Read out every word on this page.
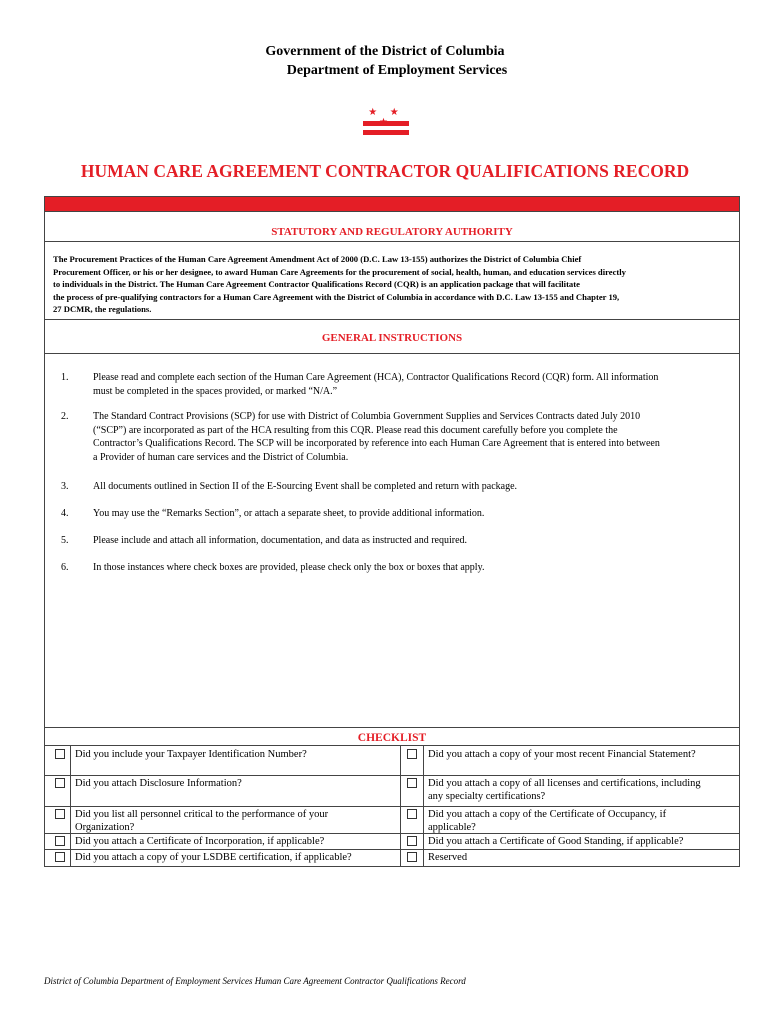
Government of the District of Columbia
Department of Employment Services
★ ★
HUMAN CARE AGREEMENT CONTRACTOR QUALIFICATIONS RECORD
STATUTORY AND REGULATORY AUTHORITY
The Procurement Practices of the Human Care Agreement Amendment Act of 2000 (D.C. Law 13-155) authorizes the District of Columbia Chief
Procurement Officer, or his or her designee, to award Human Care Agreements for the procurement of social, health, human, and education services directly
to individuals in the District. The Human Care Agreement Contractor Qualifications Record (CQR) is an application package that will facilitate
the process of pre-qualifying contractors for a Human Care Agreement with the District of Columbia in accordance with D.C. Law 13-155 and Chapter 19,
27 DCMR, the regulations.
GENERAL INSTRUCTIONS
1. Please read and complete each section of the Human Care Agreement (HCA), Contractor Qualifications Record (CQR) form. All information
must be completed in the spaces provided, or marked “N/A.”
2. The Standard Contract Provisions (SCP) for use with District of Columbia Government Supplies and Services Contracts dated July 2010
(“SCP”) are incorporated as part of the HCA resulting from this CQR. Please read this document carefully before you complete the
Contractor’s Qualifications Record. The SCP will be incorporated by reference into each Human Care Agreement that is entered into between
a Provider of human care services and the District of Columbia.
3. All documents outlined in Section II of the E-Sourcing Event shall be completed and return with package.
4. You may use the “Remarks Section”, or attach a separate sheet, to provide additional information.
5. Please include and attach all information, documentation, and data as instructed and required.
6. In those instances where check boxes are provided, please check only the box or boxes that apply.
CHECKLIST
Did you include your Taxpayer Identification Number?
Did you attach Disclosure Information?
Did you list all personnel critical to the performance of your
Organization?
Did you attach a Certificate of Incorporation, if applicable?
Did you attach a copy of your LSDBE certification, if applicable?
Did you attach a copy of your most recent Financial Statement?
Did you attach a copy of all licenses and certifications, including
any specialty certifications?
Did you attach a copy of the Certificate of Occupancy, if
applicable?
Did you attach a Certificate of Good Standing, if applicable?
Reserved
District of Columbia Department of Employment Services Human Care Agreement Contractor Qualifications Record
